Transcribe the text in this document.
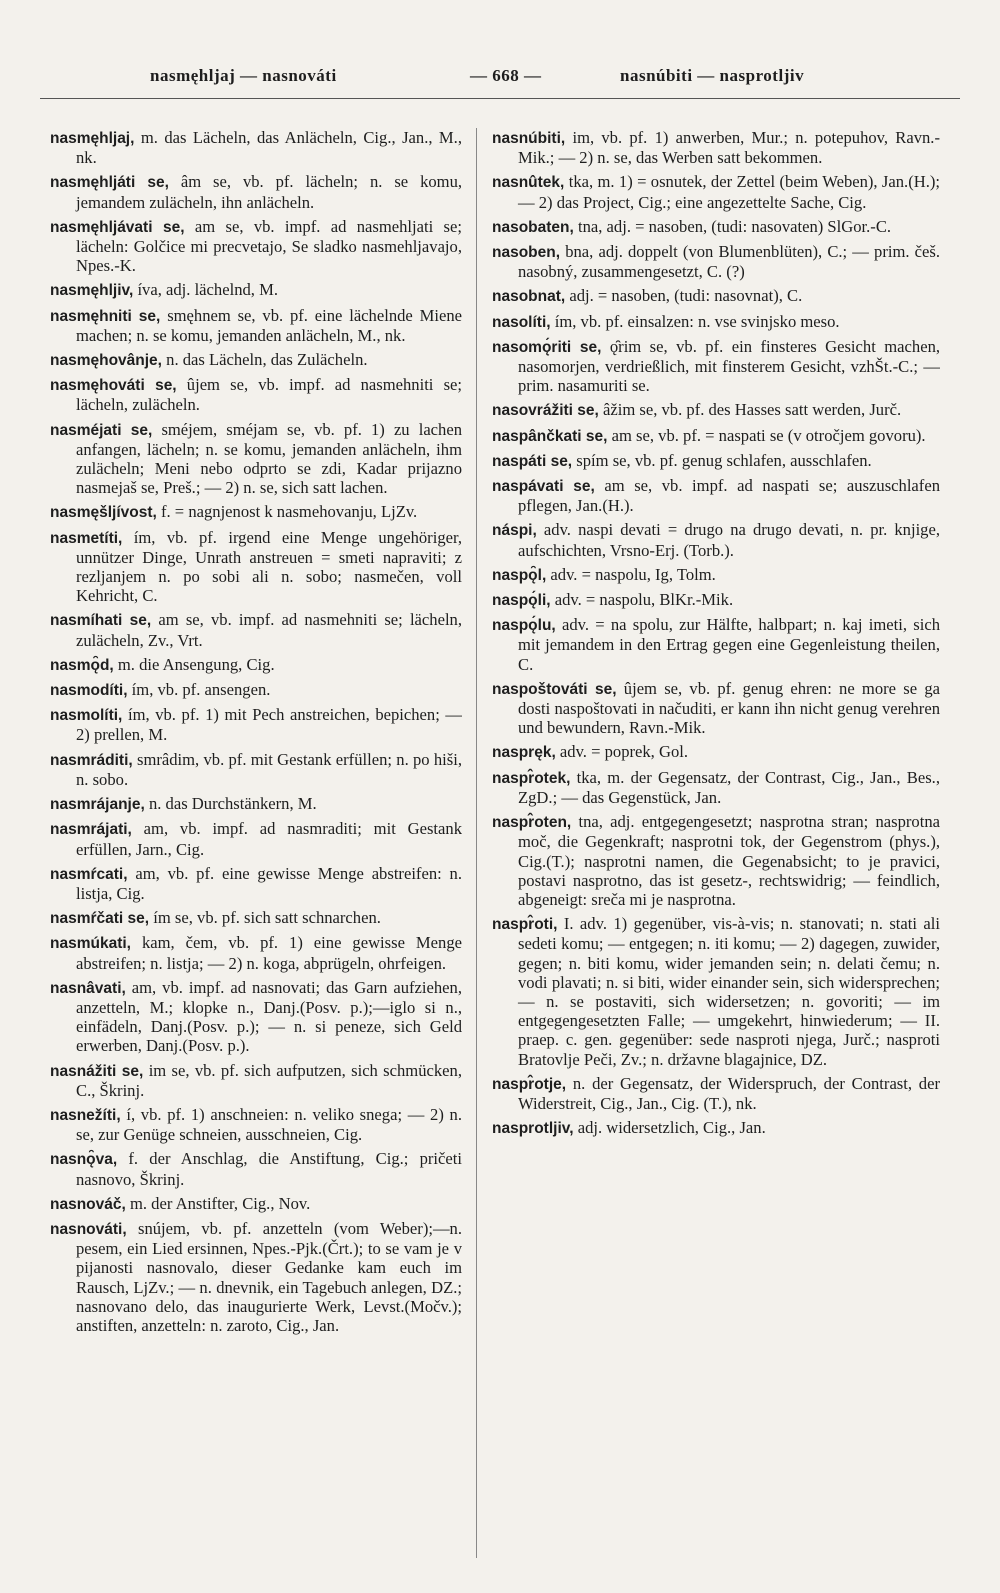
nasmęhljaj — nasnováti	— 668 —	nasnúbiti — nasprotljiv

nasmęhljaj, m. das Lächeln, das Anlächeln, Cig., Jan., M., nk.

nasmęhljáti se, âm se, vb. pf. lächeln; n. se komu, jemandem zulächeln, ihn anlächeln.

nasmęhljávati se, am se, vb. impf. ad nasmehljati se; lächeln: Golčice mi precvetajo, Se sladko nasmehljavajo, Npes.-K.

nasmęhljiv, íva, adj. lächelnd, M.

nasmęhniti se, smęhnem se, vb. pf. eine lächelnde Miene machen; n. se komu, jemanden anlächeln, M., nk.

nasmęhovânje, n. das Lächeln, das Zulächeln.

nasmęhováti se, ûjem se, vb. impf. ad nasmehniti se; lächeln, zulächeln.

nasméjati se, sméjem, sméjam se, vb. pf. 1) zu lachen anfangen, lächeln; n. se komu, jemanden anlächeln, ihm zulächeln; Meni nebo odprto se zdi, Kadar prijazno nasmejaš se, Preš.; — 2) n. se, sich satt lachen.

nasmęšljívost, f. = nagnjenost k nasmehovanju, LjZv.

nasmetíti, ím, vb. pf. irgend eine Menge ungehöriger, unnützer Dinge, Unrath anstreuen = smeti napraviti; z rezljanjem n. po sobi ali n. sobo; nasmečen, voll Kehricht, C.

nasmíhati se, am se, vb. impf. ad nasmehniti se; lächeln, zulächeln, Zv., Vrt.

nasmǫ̑d, m. die Ansengung, Cig.

nasmodíti, ím, vb. pf. ansengen.

nasmolíti, ím, vb. pf. 1) mit Pech anstreichen, bepichen; — 2) prellen, M.

nasmráditi, smrâdim, vb. pf. mit Gestank erfüllen; n. po hiši, n. sobo.

nasmrájanje, n. das Durchstänkern, M.

nasmrájati, am, vb. impf. ad nasmraditi; mit Gestank erfüllen, Jarn., Cig.

nasmŕcati, am, vb. pf. eine gewisse Menge abstreifen: n. listja, Cig.

nasmŕčati se, ím se, vb. pf. sich satt schnarchen.

nasmúkati, kam, čem, vb. pf. 1) eine gewisse Menge abstreifen; n. listja; — 2) n. koga, abprügeln, ohrfeigen.

nasnâvati, am, vb. impf. ad nasnovati; das Garn aufziehen, anzetteln, M.; klopke n., Danj.(Posv. p.);—iglo si n., einfädeln, Danj.(Posv. p.); — n. si peneze, sich Geld erwerben, Danj.(Posv. p.).

nasnážiti se, im se, vb. pf. sich aufputzen, sich schmücken, C., Škrinj.

nasnežíti, í, vb. pf. 1) anschneien: n. veliko snega; — 2) n. se, zur Genüge schneien, ausschneien, Cig.

nasnǫ̑va, f. der Anschlag, die Anstiftung, Cig.; pričeti nasnovo, Škrinj.

nasnováč, m. der Anstifter, Cig., Nov.

nasnováti, snújem, vb. pf. anzetteln (vom Weber);—n. pesem, ein Lied ersinnen, Npes.-Pjk.(Črt.); to se vam je v pijanosti nasnovalo, dieser Gedanke kam euch im Rausch, LjZv.; — n. dnevnik, ein Tagebuch anlegen, DZ.; nasnovano delo, das inaugurierte Werk, Levst.(Močv.); anstiften, anzetteln: n. zaroto, Cig., Jan.

nasnúbiti, im, vb. pf. 1) anwerben, Mur.; n. potepuhov, Ravn.-Mik.; — 2) n. se, das Werben satt bekommen.

nasnûtek, tka, m. 1) = osnutek, der Zettel (beim Weben), Jan.(H.); — 2) das Project, Cig.; eine angezettelte Sache, Cig.

nasobaten, tna, adj. = nasoben, (tudi: nasovaten) SlGor.-C.

nasoben, bna, adj. doppelt (von Blumenblüten), C.; — prim. češ. nasobný, zusammengesetzt, C. (?)

nasobnat, adj. = nasoben, (tudi: nasovnat), C.

nasolíti, ím, vb. pf. einsalzen: n. vse svinjsko meso.

nasomǫ́riti se, ǫ̑rim se, vb. pf. ein finsteres Gesicht machen, nasomorjen, verdrießlich, mit finsterem Gesicht, vzhŠt.-C.; — prim. nasamuriti se.

nasovrážiti se, âžim se, vb. pf. des Hasses satt werden, Jurč.

naspânčkati se, am se, vb. pf. = naspati se (v otročjem govoru).

naspáti se, spím se, vb. pf. genug schlafen, ausschlafen.

naspávati se, am se, vb. impf. ad naspati se; auszuschlafen pflegen, Jan.(H.).

náspi, adv. naspi devati = drugo na drugo devati, n. pr. knjige, aufschichten, Vrsno-Erj. (Torb.).

naspǫ̑l, adv. = naspolu, Ig, Tolm.

naspǫ́li, adv. = naspolu, BlKr.-Mik.

naspǫ́lu, adv. = na spolu, zur Hälfte, halbpart; n. kaj imeti, sich mit jemandem in den Ertrag gegen eine Gegenleistung theilen, C.

naspoštováti se, ûjem se, vb. pf. genug ehren: ne more se ga dosti naspoštovati in načuditi, er kann ihn nicht genug verehren und bewundern, Ravn.-Mik.

naspręk, adv. = poprek, Gol.

naspr̂otek, tka, m. der Gegensatz, der Contrast, Cig., Jan., Bes., ZgD.; — das Gegenstück, Jan.

naspr̂oten, tna, adj. entgegengesetzt; nasprotna stran; nasprotna moč, die Gegenkraft; nasprotni tok, der Gegenstrom (phys.), Cig.(T.); nasprotni namen, die Gegenabsicht; to je pravici, postavi nasprotno, das ist gesetz-, rechtswidrig; — feindlich, abgeneigt: sreča mi je nasprotna.

naspr̂oti, I. adv. 1) gegenüber, vis-à-vis; n. stanovati; n. stati ali sedeti komu; — entgegen; n. iti komu; — 2) dagegen, zuwider, gegen; n. biti komu, wider jemanden sein; n. delati čemu; n. vodi plavati; n. si biti, wider einander sein, sich widersprechen; — n. se postaviti, sich widersetzen; n. govoriti; — im entgegengesetzten Falle; — umgekehrt, hinwiederum; — II. praep. c. gen. gegenüber: sede nasproti njega, Jurč.; nasproti Bratovlje Peči, Zv.; n. državne blagajnice, DZ.

naspr̂otje, n. der Gegensatz, der Widerspruch, der Contrast, der Widerstreit, Cig., Jan., Cig. (T.), nk.

nasprotljiv, adj. widersetzlich, Cig., Jan.
